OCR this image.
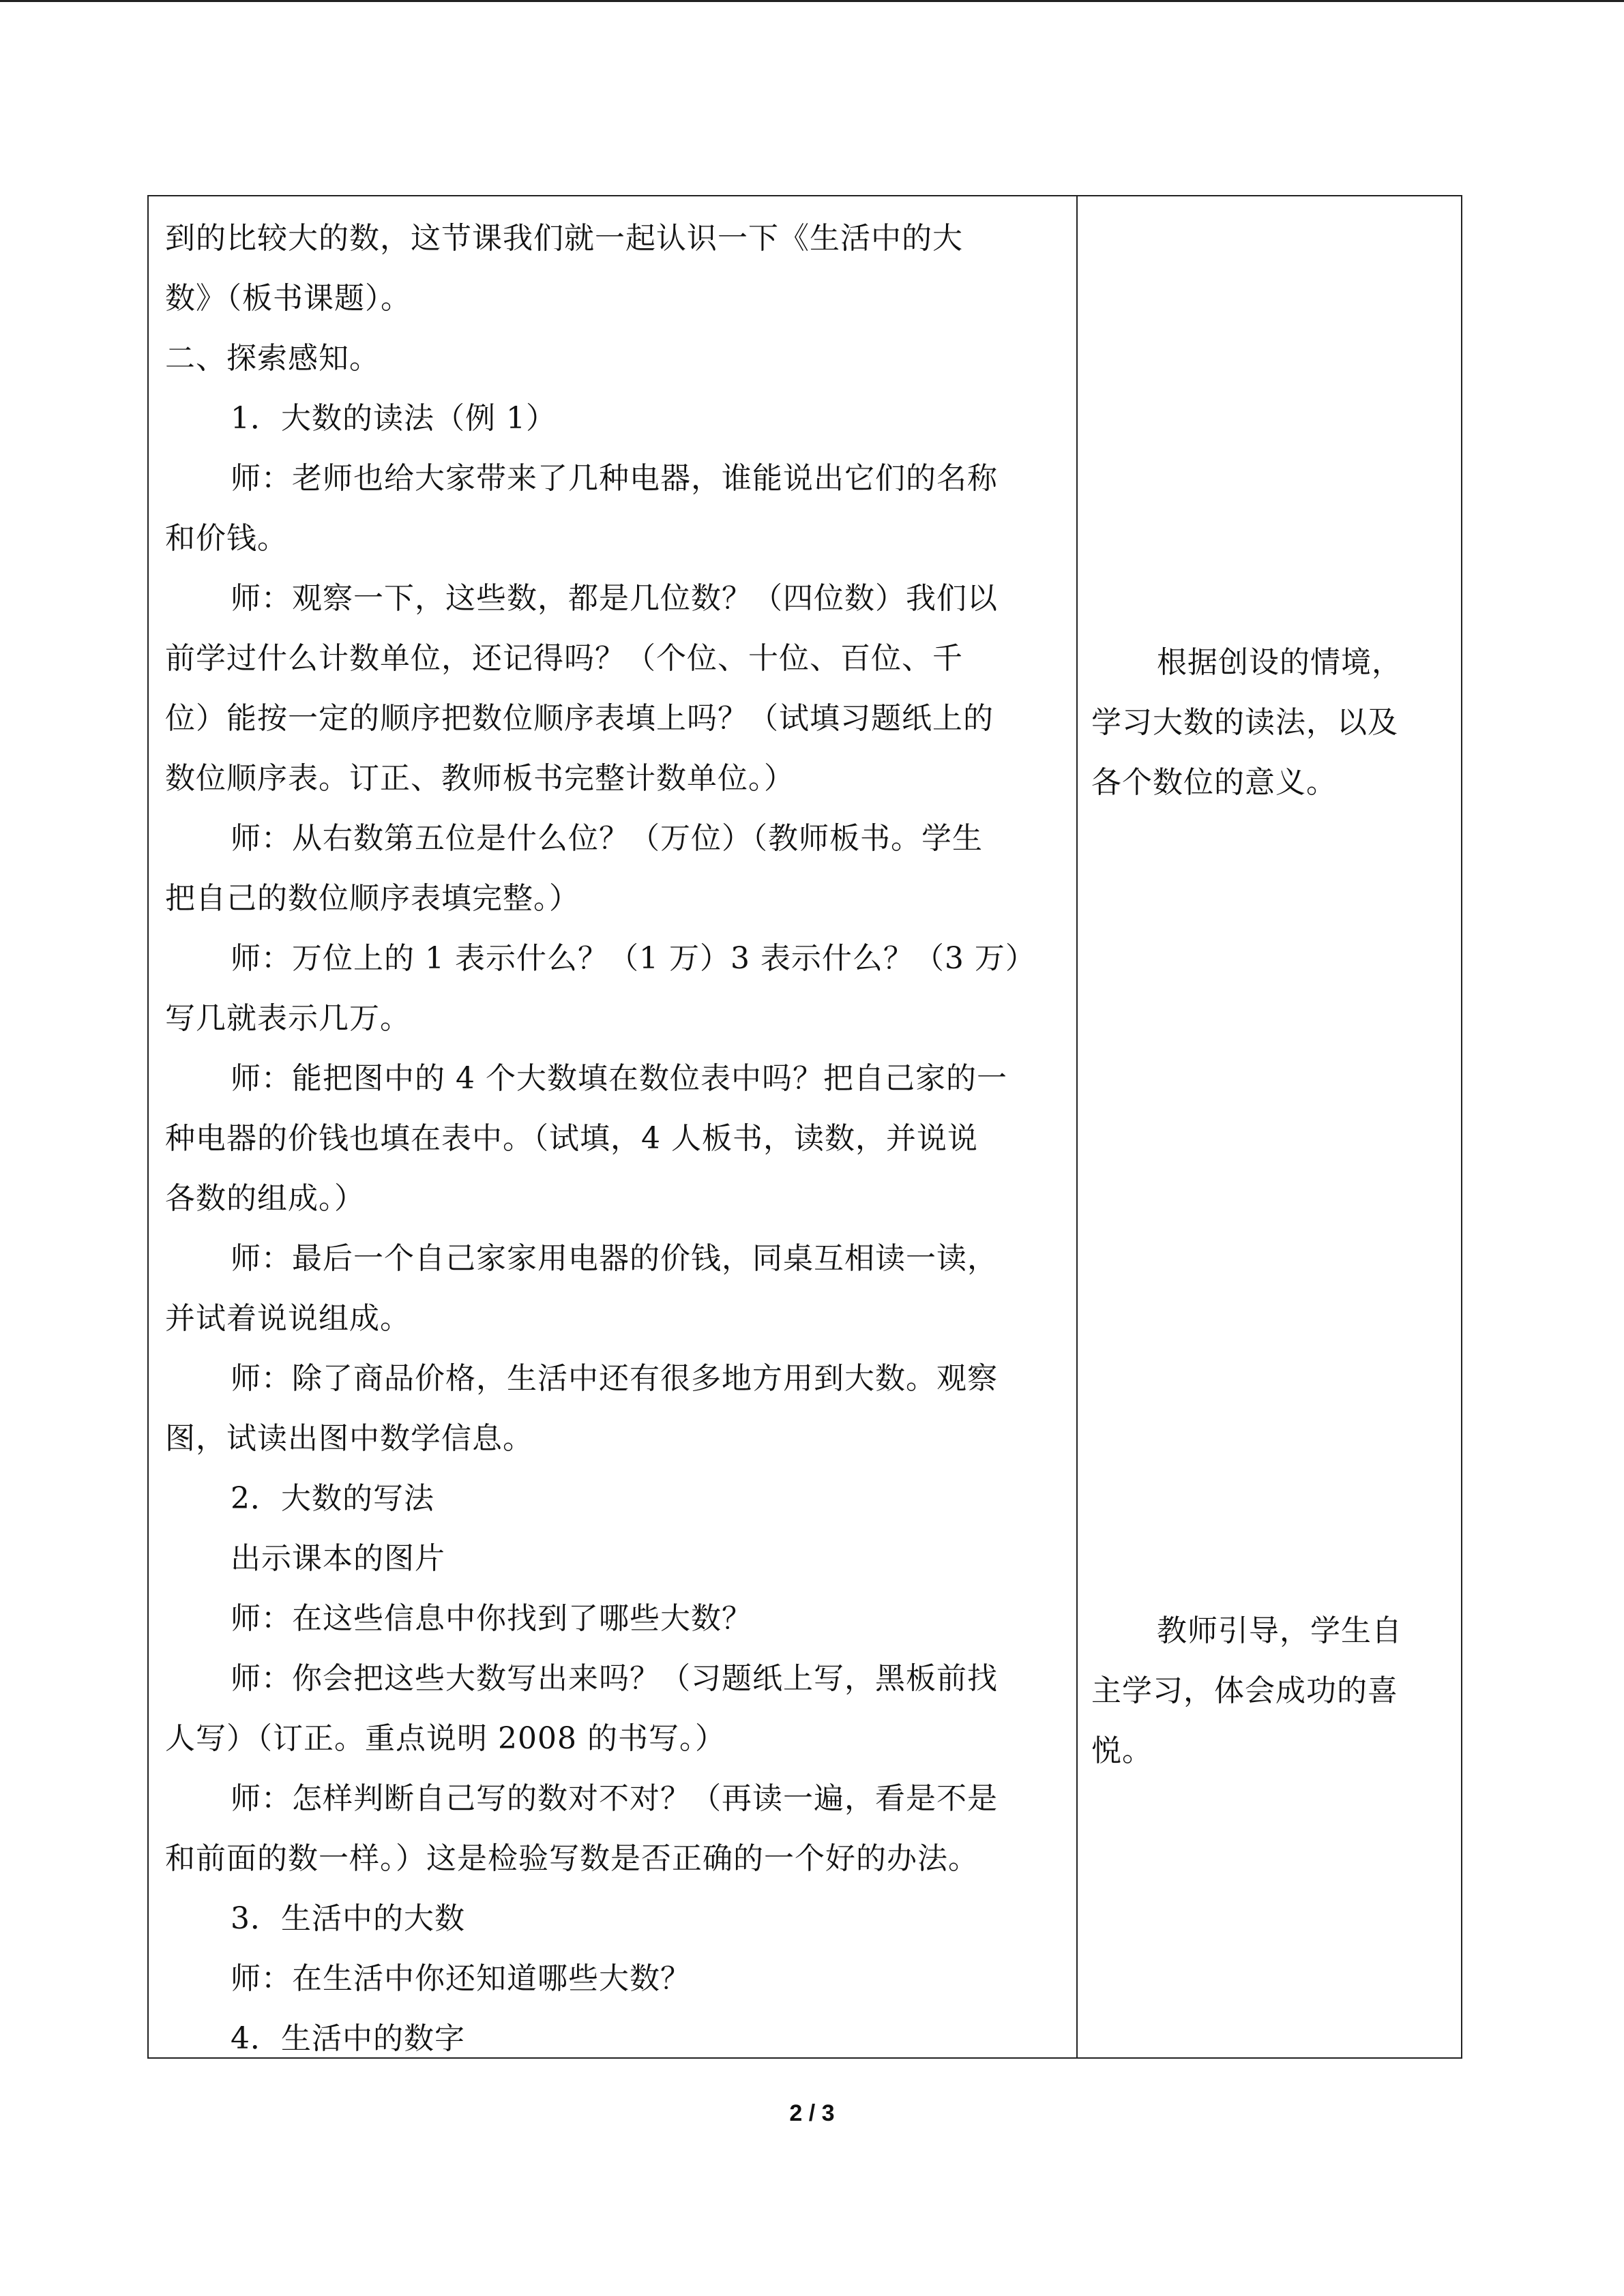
到的比较大的数，这节课我们就一起认识一下《生活中的大
数》（板书课题）。
二、探索感知。
1．大数的读法（例 1）
师：老师也给大家带来了几种电器，谁能说出它们的名称
和价钱。
师：观察一下，这些数，都是几位数？（四位数）我们以
前学过什么计数单位，还记得吗？（个位、十位、百位、千
位）能按一定的顺序把数位顺序表填上吗？（试填习题纸上的
数位顺序表。订正、教师板书完整计数单位。）
师：从右数第五位是什么位？（万位）（教师板书。学生
把自己的数位顺序表填完整。）
师：万位上的 1 表示什么？（1 万）3 表示什么？（3 万）
写几就表示几万。
师：能把图中的 4 个大数填在数位表中吗？把自己家的一
种电器的价钱也填在表中。（试填，4 人板书，读数，并说说
各数的组成。）
师：最后一个自己家家用电器的价钱，同桌互相读一读，
并试着说说组成。
师：除了商品价格，生活中还有很多地方用到大数。观察
图，试读出图中数学信息。
2．大数的写法
出示课本的图片
师：在这些信息中你找到了哪些大数？
师：你会把这些大数写出来吗？（习题纸上写，黑板前找
人写）（订正。重点说明 2008 的书写。）
师：怎样判断自己写的数对不对？（再读一遍，看是不是
和前面的数一样。）这是检验写数是否正确的一个好的办法。
3．生活中的大数
师：在生活中你还知道哪些大数？
4．生活中的数字
根据创设的情境，
学习大数的读法，以及
各个数位的意义。
教师引导，学生自
主学习，体会成功的喜
悦。
2 / 3
